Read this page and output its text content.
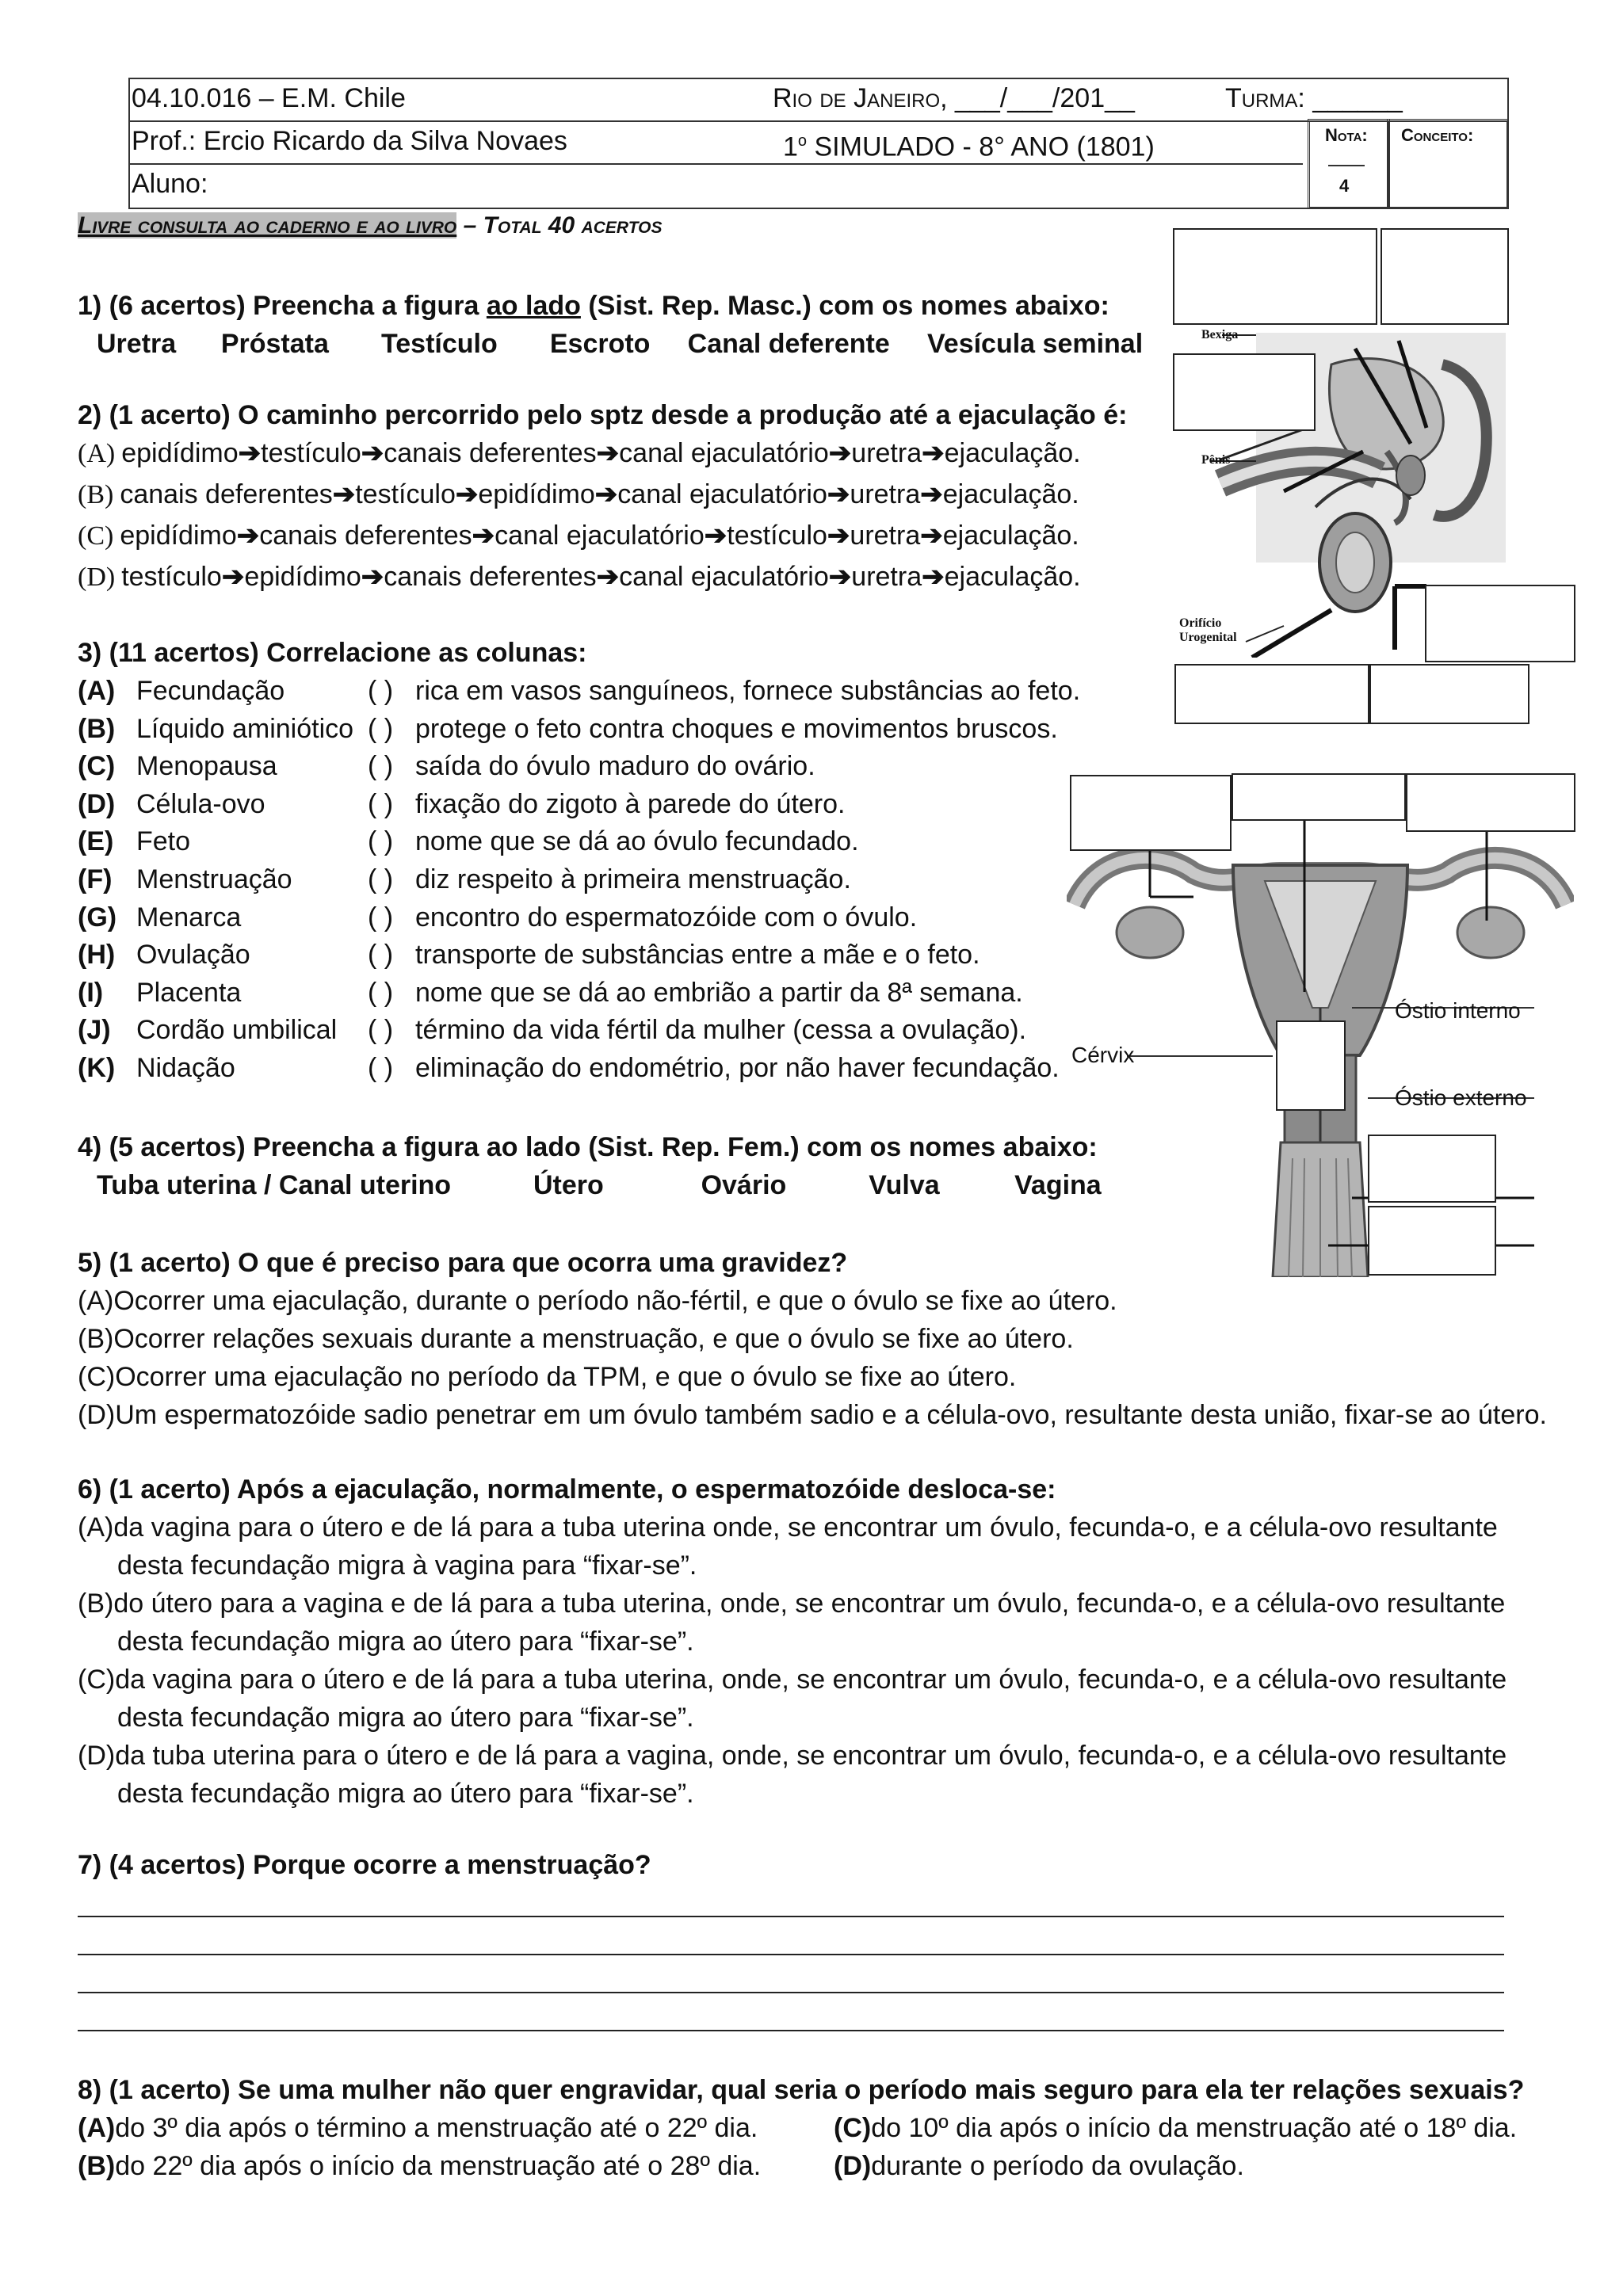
04.10.016 – E.M. Chile	Rio de Janeiro, ___/___/201__	Turma: ______
Prof.: Ercio Ricardo da Silva Novaes	1$^o$ SIMULADO - 8° ANO (1801)
Aluno:
Nota:
4
Conceito:
Livre consulta ao caderno e ao livro – Total 40 acertos
1) (6 acertos) Preencha a figura ao lado (Sist. Rep. Masc.) com os nomes abaixo:
Uretra      Próstata       Testículo       Escroto     Canal deferente     Vesícula seminal
2) (1 acerto) O caminho percorrido pelo sptz desde a produção até a ejaculação é:
(A) epidídimo➔testículo➔canais deferentes➔canal ejaculatório➔uretra➔ejaculação.
(B) canais deferentes➔testículo➔epidídimo➔canal ejaculatório➔uretra➔ejaculação.
(C) epidídimo➔canais deferentes➔canal ejaculatório➔testículo➔uretra➔ejaculação.
(D) testículo➔epidídimo➔canais deferentes➔canal ejaculatório➔uretra➔ejaculação.
3) (11 acertos) Correlacione as colunas:
(A) Fecundação	( ) rica em vasos sanguíneos, fornece substâncias ao feto.
(B) Líquido aminiótico ( ) protege o feto contra choques e movimentos bruscos.
(C) Menopausa	( ) saída do óvulo maduro do ovário.
(D) Célula-ovo	( ) fixação do zigoto à parede do útero.
(E) Feto	( ) nome que se dá ao óvulo fecundado.
(F) Menstruação	( ) diz respeito à primeira menstruação.
(G) Menarca	( ) encontro do espermatozóide com o óvulo.
(H) Ovulação	( ) transporte de substâncias entre a mãe e o feto.
(I) Placenta	( ) nome que se dá ao embrião a partir da 8ª semana.
(J) Cordão umbilical ( ) término da vida fértil da mulher (cessa a ovulação).
(K) Nidação	( ) eliminação do endométrio, por não haver fecundação.
4) (5 acertos) Preencha a figura ao lado (Sist. Rep. Fem.) com os nomes abaixo:
Tuba uterina / Canal uterino           Útero             Ovário           Vulva          Vagina
5) (1 acerto) O que é preciso para que ocorra uma gravidez?
(A)Ocorrer uma ejaculação, durante o período não-fértil, e que o óvulo se fixe ao útero.
(B)Ocorrer relações sexuais durante a menstruação, e que o óvulo se fixe ao útero.
(C)Ocorrer uma ejaculação no período da TPM, e que o óvulo se fixe ao útero.
(D)Um espermatozóide sadio penetrar em um óvulo também sadio e a célula-ovo, resultante desta união, fixar-se ao útero.
6) (1 acerto) Após a ejaculação, normalmente, o espermatozóide desloca-se:
(A)da vagina para o útero e de lá para a tuba uterina onde, se encontrar um óvulo, fecunda-o, e a célula-ovo resultante
desta fecundação migra à vagina para “fixar-se”.
(B)do útero para a vagina e de lá para a tuba uterina, onde, se encontrar um óvulo, fecunda-o, e a célula-ovo resultante
desta fecundação migra ao útero para “fixar-se”.
(C)da vagina para o útero e de lá para a tuba uterina, onde, se encontrar um óvulo, fecunda-o, e a célula-ovo resultante
desta fecundação migra ao útero para “fixar-se”.
(D)da tuba uterina para o útero e de lá para a vagina, onde, se encontrar um óvulo, fecunda-o, e a célula-ovo resultante
desta fecundação migra ao útero para “fixar-se”.
7) (4 acertos) Porque ocorre a menstruação?
8) (1 acerto) Se uma mulher não quer engravidar, qual seria o período mais seguro para ela ter relações sexuais?
(A)do 3º dia após o término a menstruação até o 22º dia.
(B)do 22º dia após o início da menstruação até o 28º dia.
(C)do 10º dia após o início da menstruação até o 18º dia.
(D)durante o período da ovulação.
Bexiga
Pênis
Orifício
Urogenital
Óstio interno
Cérvix
Óstio externo
